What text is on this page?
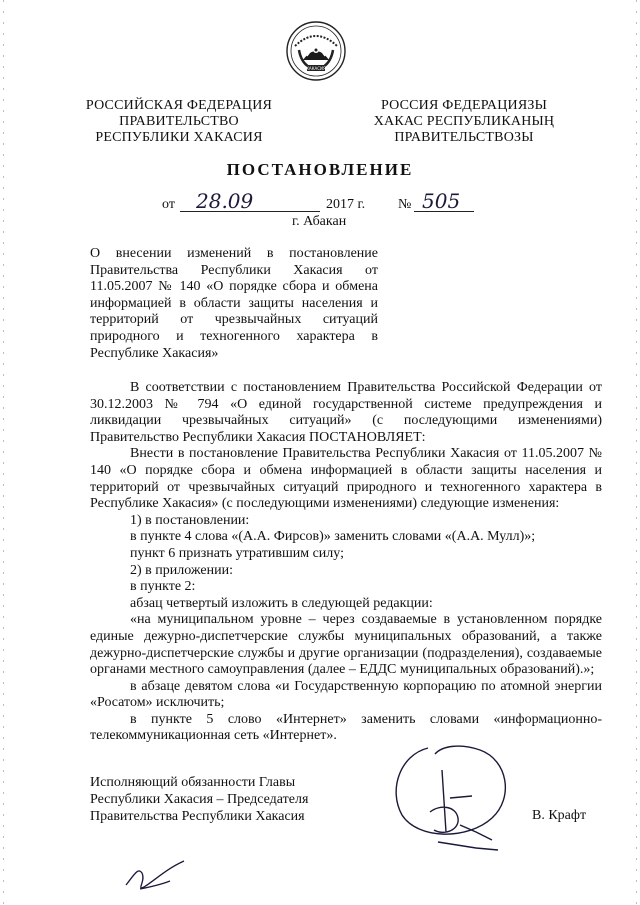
ХАКАСИЯ
РОССИЙСКАЯ ФЕДЕРАЦИЯ
ПРАВИТЕЛЬСТВО
РЕСПУБЛИКИ ХАКАСИЯ
РОССИЯ ФЕДЕРАЦИЯЗЫ
ХАКАС РЕСПУБЛИКАНЫҢ
ПРАВИТЕЛЬСТВОЗЫ
ПОСТАНОВЛЕНИЕ
от 28.09	2017 г. № 505
г. Абакан
О внесении изменений в постановление Правительства Республики Хакасия от 11.05.2007 № 140 «О порядке сбора и обмена информацией в области защиты населения и территорий от чрезвычайных ситуаций природного и техногенного характера в Республике Хакасия»

В соответствии с постановлением Правительства Российской Федерации от 30.12.2003 № 794 «О единой государственной системе предупреждения и ликвидации чрезвычайных ситуаций» (с последующими изменениями) Правительство Республики Хакасия ПОСТАНОВЛЯЕТ:

Внести в постановление Правительства Республики Хакасия от 11.05.2007 № 140 «О порядке сбора и обмена информацией в области защиты населения и территорий от чрезвычайных ситуаций природного и техногенного характера в Республике Хакасия» (с последующими изменениями) следующие изменения:

1) в постановлении:

в пункте 4 слова «(А.А. Фирсов)» заменить словами «(А.А. Мулл)»;

пункт 6 признать утратившим силу;

2) в приложении:

в пункте 2:

абзац четвертый изложить в следующей редакции:

«на муниципальном уровне – через создаваемые в установленном порядке единые дежурно-диспетчерские службы муниципальных образований, а также дежурно-диспетчерские службы и другие организации (подразделения), создаваемые органами местного самоуправления (далее – ЕДДС муниципальных образований).»;

в абзаце девятом слова «и Государственную корпорацию по атомной энергии «Росатом» исключить;

в пункте 5 слово «Интернет» заменить словами «информационно-телекоммуникационная сеть «Интернет».

Исполняющий обязанности Главы
Республики Хакасия – Председателя
Правительства Республики Хакасия	В. Крафт
